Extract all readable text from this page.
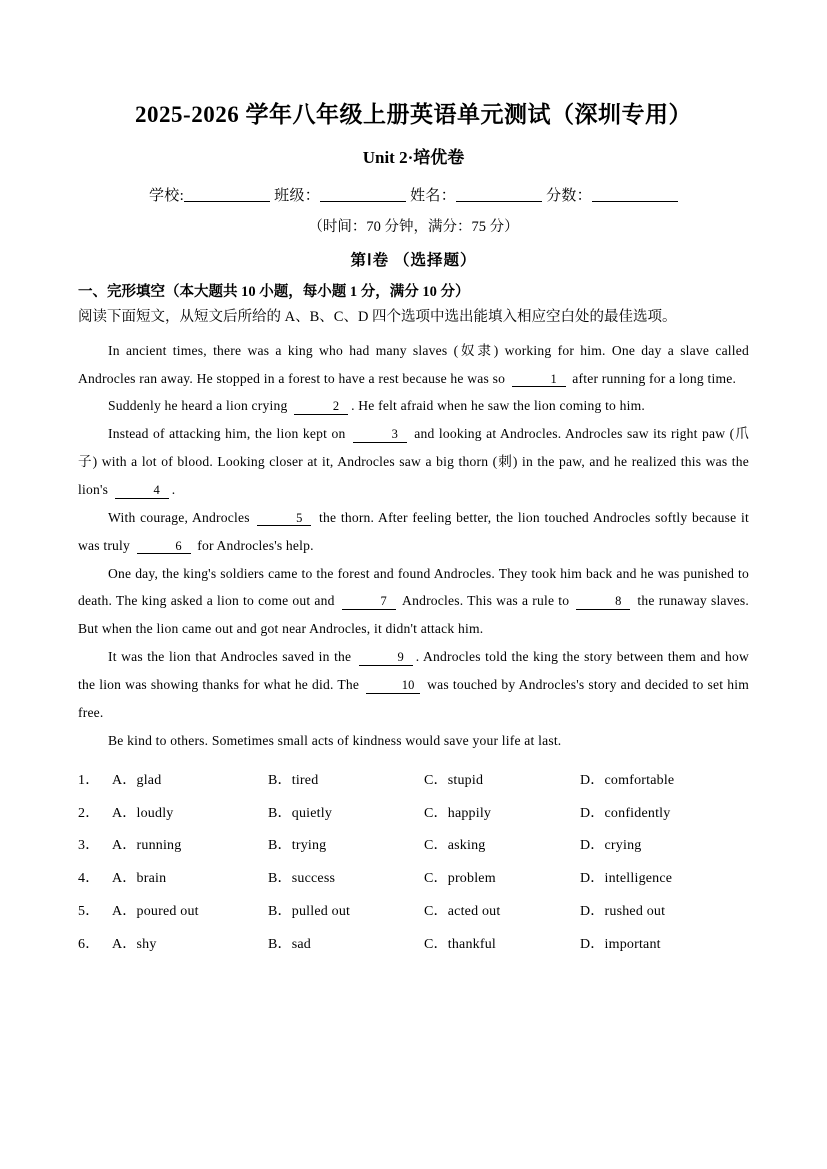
2025-2026 学年八年级上册英语单元测试（深圳专用）
Unit 2·培优卷
学校:	班级：	姓名：	分数：
（时间：70 分钟，满分：75 分）
第Ⅰ卷 （选择题）
一、完形填空（本大题共 10 小题，每小题 1 分，满分 10 分）
阅读下面短文，从短文后所给的 A、B、C、D 四个选项中选出能填入相应空白处的最佳选项。
In ancient times, there was a king who had many slaves (奴隶) working for him. One day a slave called Androcles ran away. He stopped in a forest to have a rest because he was so	1 after running for a long time.
Suddenly he heard a lion crying	2 . He felt afraid when he saw the lion coming to him.
Instead of attacking him, the lion kept on	3 and looking at Androcles. Androcles saw its right paw (爪子) with a lot of blood. Looking closer at it, Androcles saw a big thorn (刺) in the paw, and he realized this was the lion's	4 .
With courage, Androcles	5 the thorn. After feeling better, the lion touched Androcles softly because it was truly	6 for Androcles's help.
One day, the king's soldiers came to the forest and found Androcles. They took him back and he was punished to death. The king asked a lion to come out and	7 Androcles. This was a rule to	8 the runaway slaves. But when the lion came out and got near Androcles, it didn't attack him.
It was the lion that Androcles saved in the	9 . Androcles told the king the story between them and how the lion was showing thanks for what he did. The	10 was touched by Androcles's story and decided to set him free.
Be kind to others. Sometimes small acts of kindness would save your life at last.
1． A．glad	B．tired	C．stupid	D．comfortable
2． A．loudly	B．quietly	C．happily	D．confidently
3． A．running	B．trying	C．asking	D．crying
4． A．brain	B．success	C．problem	D．intelligence
5． A．poured out	B．pulled out	C．acted out	D．rushed out
6． A．shy	B．sad	C．thankful	D．important
